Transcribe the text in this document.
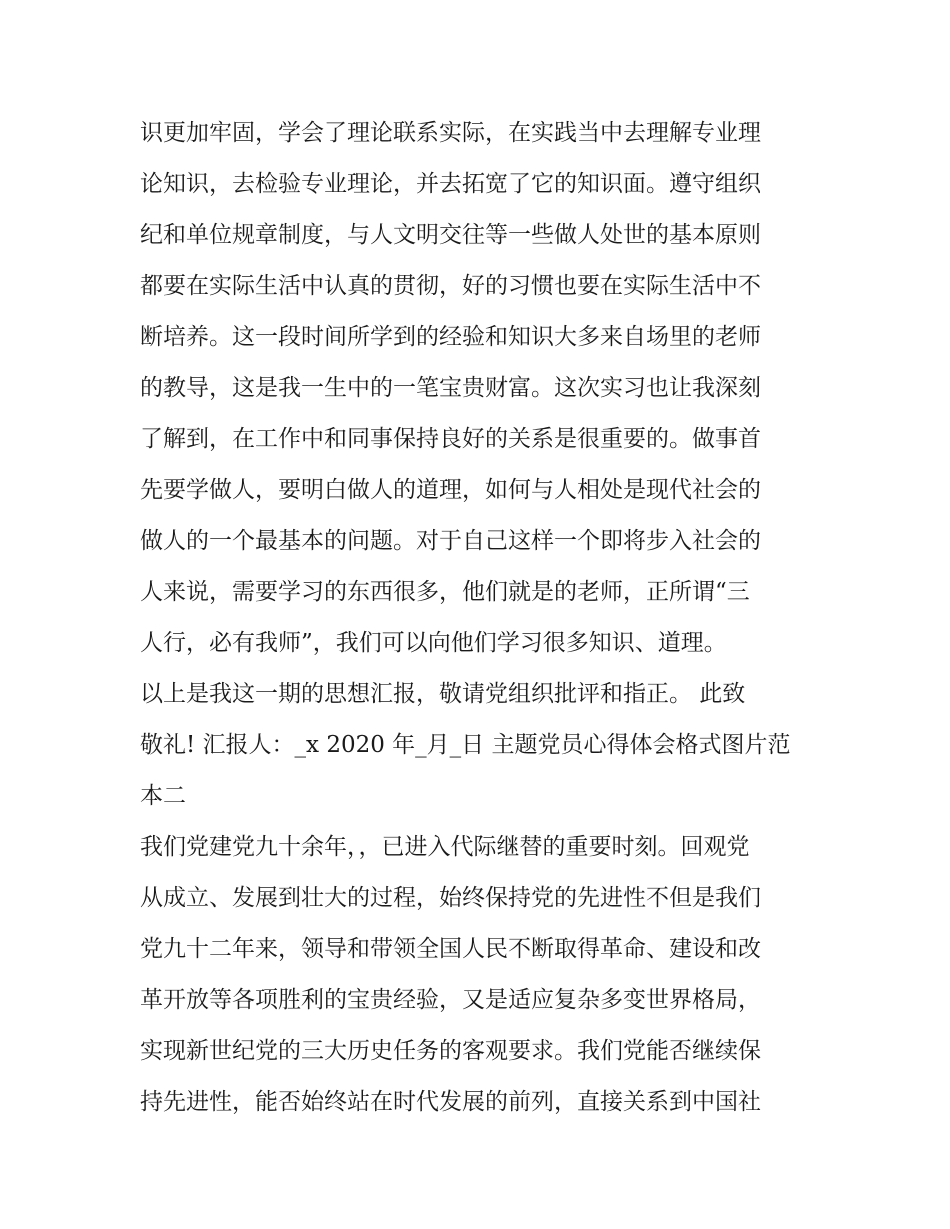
识更加牢固，学会了理论联系实际，在实践当中去理解专业理
论知识，去检验专业理论，并去拓宽了它的知识面。遵守组织
纪和单位规章制度，与人文明交往等一些做人处世的基本原则
都要在实际生活中认真的贯彻，好的习惯也要在实际生活中不
断培养。这一段时间所学到的经验和知识大多来自场里的老师
的教导，这是我一生中的一笔宝贵财富。这次实习也让我深刻
了解到，在工作中和同事保持良好的关系是很重要的。做事首
先要学做人，要明白做人的道理，如何与人相处是现代社会的
做人的一个最基本的问题。对于自己这样一个即将步入社会的
人来说，需要学习的东西很多，他们就是的老师，正所谓“三
人行，必有我师”，我们可以向他们学习很多知识、道理。
以上是我这一期的思想汇报，敬请党组织批评和指正。 此致
敬礼! 汇报人：_x 2020 年_月_日 主题党员心得体会格式图片范
本二
我们党建党九十余年，，已进入代际继替的重要时刻。回观党
从成立、发展到壮大的过程，始终保持党的先进性不但是我们
党九十二年来，领导和带领全国人民不断取得革命、建设和改
革开放等各项胜利的宝贵经验，又是适应复杂多变世界格局，
实现新世纪党的三大历史任务的客观要求。我们党能否继续保
持先进性，能否始终站在时代发展的前列，直接关系到中国社
